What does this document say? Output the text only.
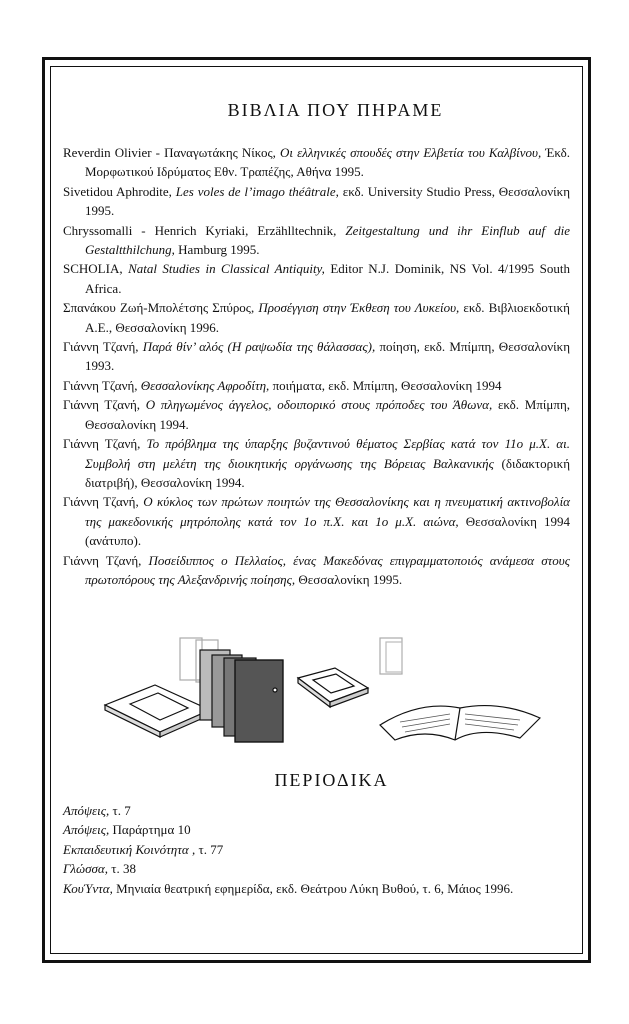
ΒΙΒΛΙΑ ΠΟΥ ΠΗΡΑΜΕ

Reverdin Olivier - Παναγωτάκης Νίκος, Οι ελληνικές σπουδές στην Ελβετία του Καλβίνου, Έκδ. Μορφωτικού Ιδρύματος Εθν. Τραπέζης, Αθήνα 1995.

Sivetidou Aphrodite, Les voles de l’imago théâtrale, εκδ. University Studio Press, Θεσσαλονίκη 1995.

Chryssomalli - Henrich Kyriaki, Erzählltechnik, Zeitgestaltung und ihr Einflub auf die Gestaltthilchung, Hamburg 1995.

SCHOLIA, Natal Studies in Classical Antiquity, Editor N.J. Dominik, NS Vol. 4/1995 South Africa.

Σπανάκου Ζωή-Μπολέτσης Σπύρος, Προσέγγιση στην Έκθεση του Λυκείου, εκδ. Βιβλιοεκδοτική Α.Ε., Θεσσαλονίκη 1996.

Γιάννη Τζανή, Παρά θίν’ αλός (Η ραψωδία της θάλασσας), ποίηση, εκδ. Μπίμπη, Θεσσαλονίκη 1993.

Γιάννη Τζανή, Θεσσαλονίκης Αφροδίτη, ποιήματα, εκδ. Μπίμπη, Θεσσαλονίκη 1994

Γιάννη Τζανή, Ο πληγωμένος άγγελος, οδοιπορικό στους πρόποδες του Άθωνα, εκδ. Μπίμπη, Θεσσαλονίκη 1994.

Γιάννη Τζανή, Το πρόβλημα της ύπαρξης βυζαντινού θέματος Σερβίας κατά τον 11ο μ.Χ. αι. Συμβολή στη μελέτη της διοικητικής οργάνωσης της Βόρειας Βαλκανικής (διδακτορική διατριβή), Θεσσαλονίκη 1994.

Γιάννη Τζανή, Ο κύκλος των πρώτων ποιητών της Θεσσαλονίκης και η πνευματική ακτινοβολία της μακεδονικής μητρόπολης κατά τον 1ο π.Χ. και 1ο μ.Χ. αιώνα, Θεσσαλονίκη 1994 (ανάτυπο).

Γιάννη Τζανή, Ποσείδιππος ο Πελλαίος, ένας Μακεδόνας επιγραμματοποιός ανάμεσα στους πρωτοπόρους της Αλεξανδρινής ποίησης, Θεσσαλονίκη 1995.

ΠΕΡΙΟΔΙΚΑ

Απόψεις, τ. 7

Απόψεις, Παράρτημα 10

Εκπαιδευτική Κοινότητα , τ. 77

Γλώσσα, τ. 38

ΚουΎντα, Μηνιαία θεατρική εφημερίδα, εκδ. Θεάτρου Λύκη Βυθού, τ. 6, Μάιος 1996.
